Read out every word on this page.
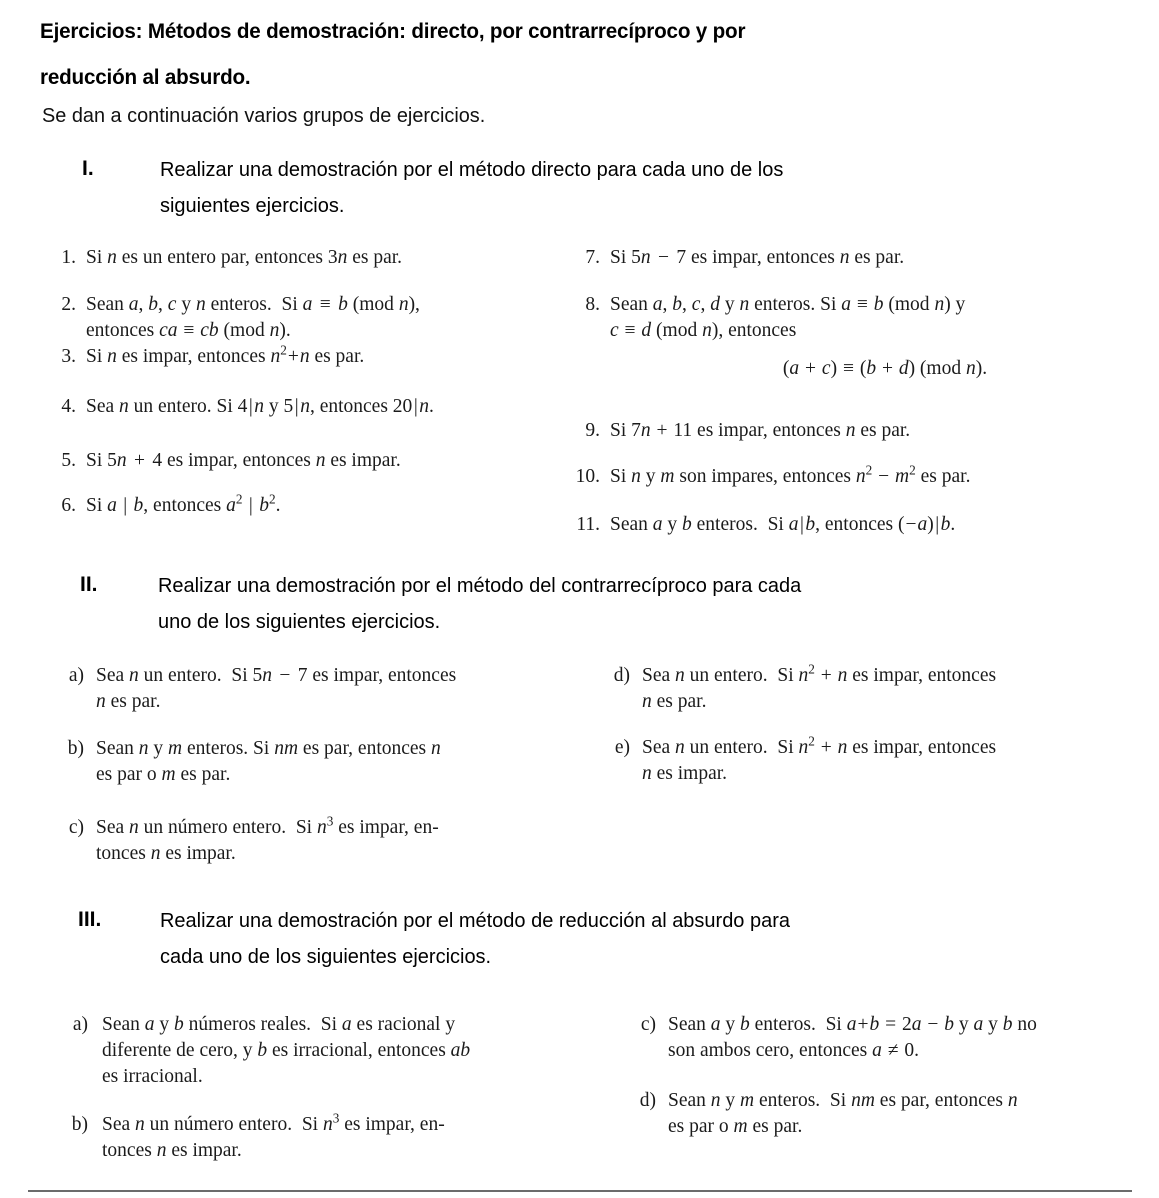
Ejercicios: Métodos de demostración: directo, por contrarrecíproco y por
reducción al absurdo.
Se dan a continuación varios grupos de ejercicios.
I.	Realizar una demostración por el método directo para cada uno de los
siguientes ejercicios.
1. Si n es un entero par, entonces 3n es par.
2. Sean a, b, c y n enteros.  Si a ≡ b (mod n),
entonces ca ≡ cb (mod n).
3. Si n es impar, entonces $n^2+n$ es par.
4. Sea n un entero. Si 4|n y 5|n, entonces 20|n.
5. Si 5n + 4 es impar, entonces n es impar.
6. Si a | b, entonces $a^2$ | $b^2$.
7. Si 5n − 7 es impar, entonces n es par.
8. Sean a, b, c, d y n enteros. Si a ≡ b (mod n) y
c ≡ d (mod n), entonces
(a + c) ≡ (b + d) (mod n).
9. Si 7n + 11 es impar, entonces n es par.
10. Si n y m son impares, entonces $n^2 - m^2$ es par.
11. Sean a y b enteros.  Si a|b, entonces (−a)|b.
II.	Realizar una demostración por el método del contrarrecíproco para cada
uno de los siguientes ejercicios.
a) Sea n un entero.  Si 5n − 7 es impar, entonces
n es par.
b) Sean n y m enteros. Si nm es par, entonces n
es par o m es par.
c) Sea n un número entero.  Si $n^3$ es impar, en-
tonces n es impar.
d) Sea n un entero.  Si $n^2 + n$ es impar, entonces
n es par.
e) Sea n un entero.  Si $n^2 + n$ es impar, entonces
n es impar.
III.	Realizar una demostración por el método de reducción al absurdo para
cada uno de los siguientes ejercicios.
a) Sean a y b números reales.  Si a es racional y
diferente de cero, y b es irracional, entonces ab
es irracional.
b) Sea n un número entero.  Si $n^3$ es impar, en-
tonces n es impar.
c) Sean a y b enteros.  Si a+b = 2a − b y a y b no
son ambos cero, entonces a ≠ 0.
d) Sean n y m enteros.  Si nm es par, entonces n
es par o m es par.
